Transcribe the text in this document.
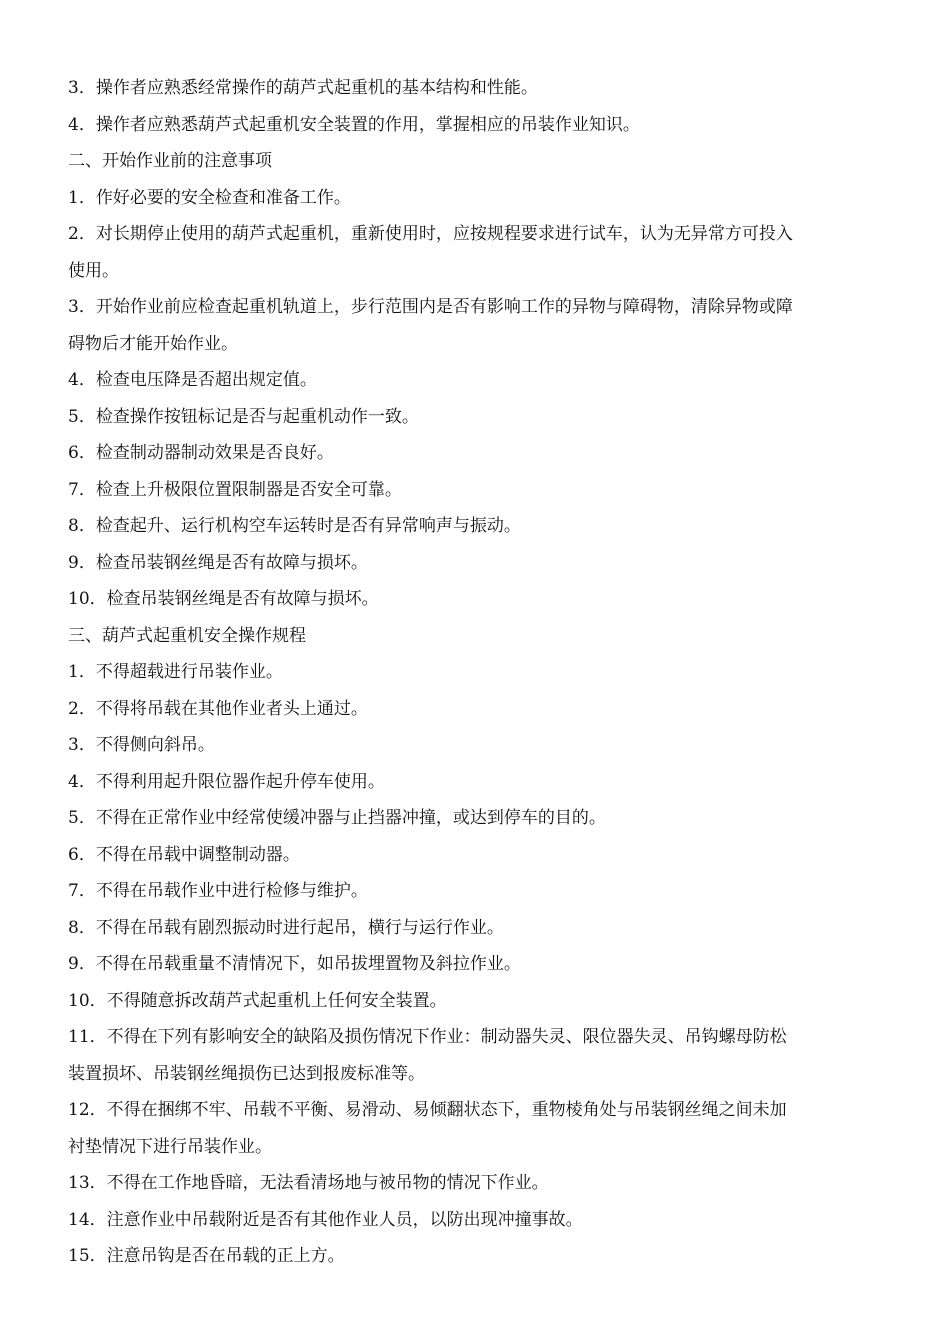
3．操作者应熟悉经常操作的葫芦式起重机的基本结构和性能。
4．操作者应熟悉葫芦式起重机安全装置的作用，掌握相应的吊装作业知识。
二、开始作业前的注意事项
1．作好必要的安全检查和准备工作。
2．对长期停止使用的葫芦式起重机，重新使用时，应按规程要求进行试车，认为无异常方可投入
使用。
3．开始作业前应检查起重机轨道上，步行范围内是否有影响工作的异物与障碍物，清除异物或障
碍物后才能开始作业。
4．检查电压降是否超出规定值。
5．检查操作按钮标记是否与起重机动作一致。
6．检查制动器制动效果是否良好。
7．检查上升极限位置限制器是否安全可靠。
8．检查起升、运行机构空车运转时是否有异常响声与振动。
9．检查吊装钢丝绳是否有故障与损坏。
10．检查吊装钢丝绳是否有故障与损坏。
三、葫芦式起重机安全操作规程
1．不得超载进行吊装作业。
2．不得将吊载在其他作业者头上通过。
3．不得侧向斜吊。
4．不得利用起升限位器作起升停车使用。
5．不得在正常作业中经常使缓冲器与止挡器冲撞，或达到停车的目的。
6．不得在吊载中调整制动器。
7．不得在吊载作业中进行检修与维护。
8．不得在吊载有剧烈振动时进行起吊，横行与运行作业。
9．不得在吊载重量不清情况下，如吊拔埋置物及斜拉作业。
10．不得随意拆改葫芦式起重机上任何安全装置。
11．不得在下列有影响安全的缺陷及损伤情况下作业：制动器失灵、限位器失灵、吊钩螺母防松
装置损坏、吊装钢丝绳损伤已达到报废标准等。
12．不得在捆绑不牢、吊载不平衡、易滑动、易倾翻状态下，重物棱角处与吊装钢丝绳之间未加
衬垫情况下进行吊装作业。
13．不得在工作地昏暗，无法看清场地与被吊物的情况下作业。
14．注意作业中吊载附近是否有其他作业人员，以防出现冲撞事故。
15．注意吊钩是否在吊载的正上方。
